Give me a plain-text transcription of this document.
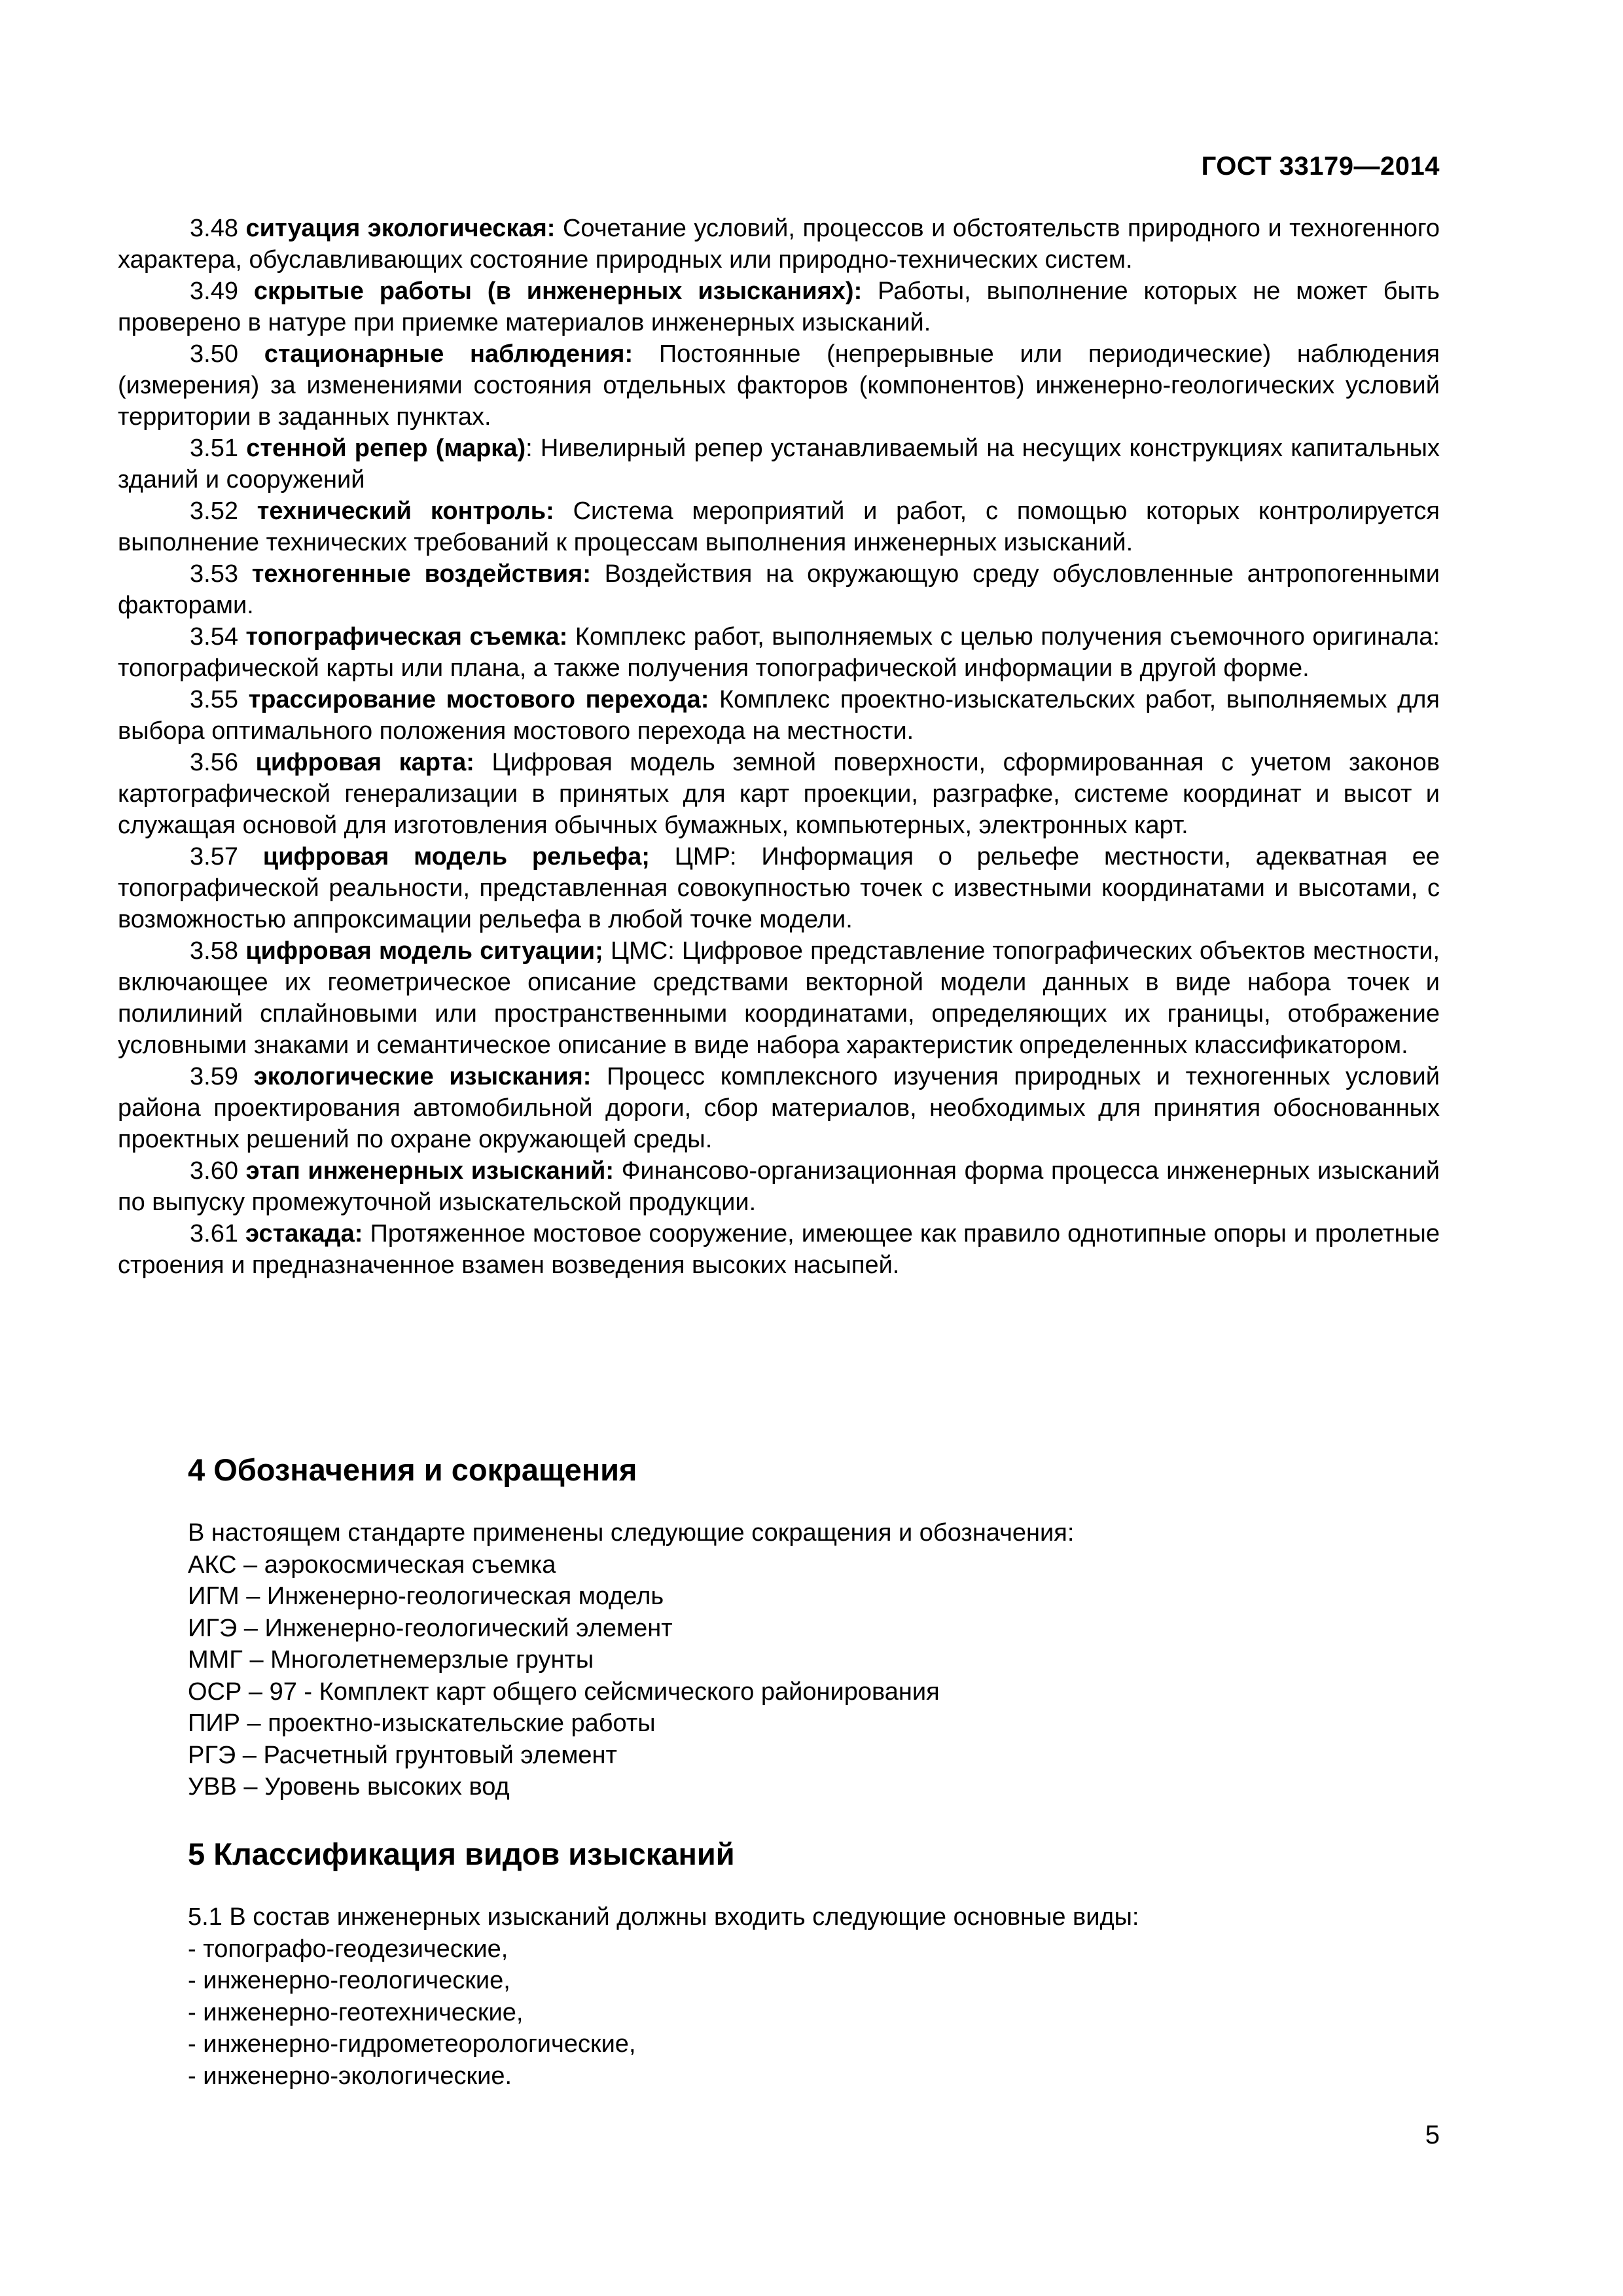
ГОСТ 33179—2014

3.48 ситуация экологическая: Сочетание условий, процессов и обстоятельств природного и техногенного характера, обуславливающих состояние природных или природно-технических систем.

3.49 скрытые работы (в инженерных изысканиях): Работы, выполнение которых не может быть проверено в натуре при приемке материалов инженерных изысканий.

3.50 стационарные наблюдения: Постоянные (непрерывные или периодические) наблюдения (измерения) за изменениями состояния отдельных факторов (компонентов) инженерно-геологических условий территории в заданных пунктах.

3.51 стенной репер (марка): Нивелирный репер устанавливаемый на несущих конструкциях капитальных зданий и сооружений

3.52 технический контроль: Система мероприятий и работ, с помощью которых контролируется выполнение технических требований к процессам выполнения инженерных изысканий.

3.53 техногенные воздействия: Воздействия на окружающую среду обусловленные антропогенными факторами.

3.54 топографическая съемка: Комплекс работ, выполняемых с целью получения съемочного оригинала: топографической карты или плана, а также получения топографической информации в другой форме.

3.55 трассирование мостового перехода: Комплекс проектно-изыскательских работ, выполняемых для выбора оптимального положения мостового перехода на местности.

3.56 цифровая карта: Цифровая модель земной поверхности, сформированная с учетом законов картографической генерализации в принятых для карт проекции, разграфке, системе координат и высот и служащая основой для изготовления обычных бумажных, компьютерных, электронных карт.

3.57 цифровая модель рельефа; ЦМР: Информация о рельефе местности, адекватная ее топографической реальности, представленная совокупностью точек с известными координатами и высотами, с возможностью аппроксимации рельефа в любой точке модели.

3.58 цифровая модель ситуации; ЦМС: Цифровое представление топографических объектов местности, включающее их геометрическое описание средствами векторной модели данных в виде набора точек и полилиний сплайновыми или пространственными координатами, определяющих их границы, отображение условными знаками и семантическое описание в виде набора характеристик определенных классификатором.

3.59 экологические изыскания: Процесс комплексного изучения природных и техногенных условий района проектирования автомобильной дороги, сбор материалов, необходимых для принятия обоснованных проектных решений по охране окружающей среды.

3.60 этап инженерных изысканий: Финансово-организационная форма процесса инженерных изысканий по выпуску промежуточной изыскательской продукции.

3.61 эстакада: Протяженное мостовое сооружение, имеющее как правило однотипные опоры и пролетные строения и предназначенное взамен возведения высоких насыпей.

4 Обозначения и сокращения

В настоящем стандарте применены следующие сокращения и обозначения:

АКС – аэрокосмическая съемка

ИГМ – Инженерно-геологическая модель

ИГЭ – Инженерно-геологический элемент

ММГ – Многолетнемерзлые грунты

ОСР – 97 - Комплект карт общего сейсмического районирования

ПИР – проектно-изыскательские работы

РГЭ – Расчетный грунтовый элемент

УВВ – Уровень высоких вод

5 Классификация видов изысканий

5.1 В состав инженерных изысканий должны входить следующие основные виды:

- топографо-геодезические,

- инженерно-геологические,

- инженерно-геотехнические,

- инженерно-гидрометеорологические,

- инженерно-экологические.

5
